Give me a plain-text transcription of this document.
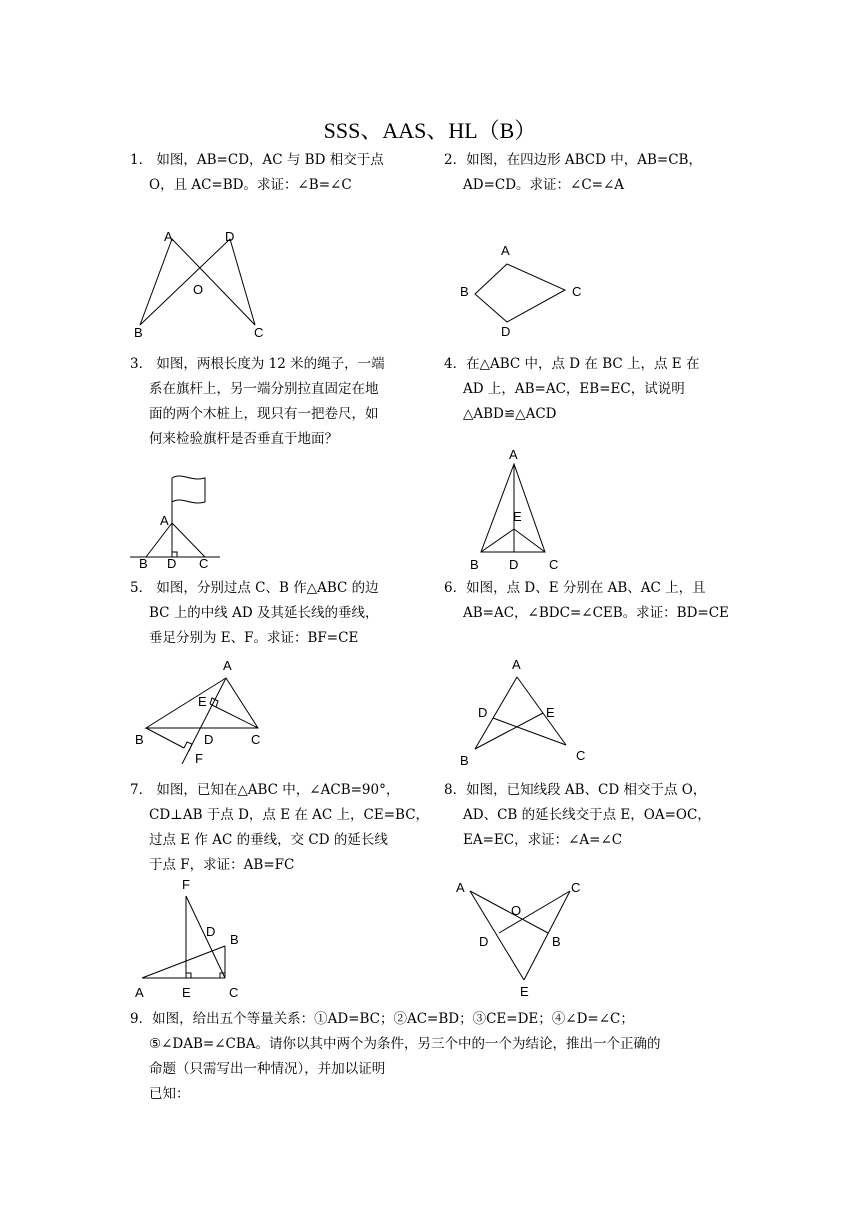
SSS、AAS、HL（B）
1． 如图，AB=CD，AC 与 BD 相交于点
O，且 AC=BD。求证：∠B=∠C
A	D
O
B	C
2．如图，在四边形 ABCD 中，AB=CB，
AD=CD。求证：∠C=∠A
A
B	C
D
3． 如图，两根长度为 12 米的绳子，一端
系在旗杆上，另一端分别拉直固定在地
面的两个木桩上，现只有一把卷尺，如
何来检验旗杆是否垂直于地面？
A
B D C
4．在△ABC 中，点 D 在 BC 上，点 E 在
AD 上，AB=AC，EB=EC，试说明
△ABD≌△ACD
A
E
B D C
5． 如图，分别过点 C、B 作△ABC 的边
BC 上的中线 AD 及其延长线的垂线，
垂足分别为 E、F。求证：BF=CE
A
E
B	D	C
F
6．如图，点 D、E 分别在 AB、AC 上，且
AB=AC，∠BDC=∠CEB。求证：BD=CE
A
D	E
B	C
7． 如图，已知在△ABC 中，∠ACB=90°，
CD⊥AB 于点 D，点 E 在 AC 上，CE=BC，
过点 E 作 AC 的垂线，交 CD 的延长线
于点 F，求证：AB=FC
F
D
B
A	E	C
8．如图，已知线段 AB、CD 相交于点 O，
AD、CB 的延长线交于点 E，OA=OC，
EA=EC，求证：∠A=∠C
A	C
O
D	B
E
9．如图，给出五个等量关系：①AD=BC；②AC=BD；③CE=DE；④∠D=∠C；
⑤∠DAB=∠CBA。请你以其中两个为条件，另三个中的一个为结论，推出一个正确的
命题（只需写出一种情况），并加以证明
已知：
